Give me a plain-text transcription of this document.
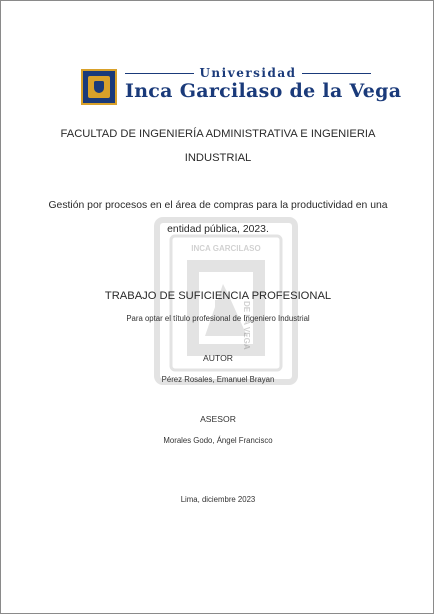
INCA GARCILASO
DE LA VEGA
Universidad
Inca Garcilaso de la Vega
FACULTAD DE INGENIERÍA ADMINISTRATIVA E INGENIERIA
INDUSTRIAL
Gestión por procesos en el área de compras para la productividad en una
entidad pública, 2023.
TRABAJO DE SUFICIENCIA PROFESIONAL
Para optar el título profesional de Ingeniero Industrial
AUTOR
Pérez Rosales, Emanuel Brayan
ASESOR
Morales Godo, Ángel Francisco
Lima, diciembre 2023
